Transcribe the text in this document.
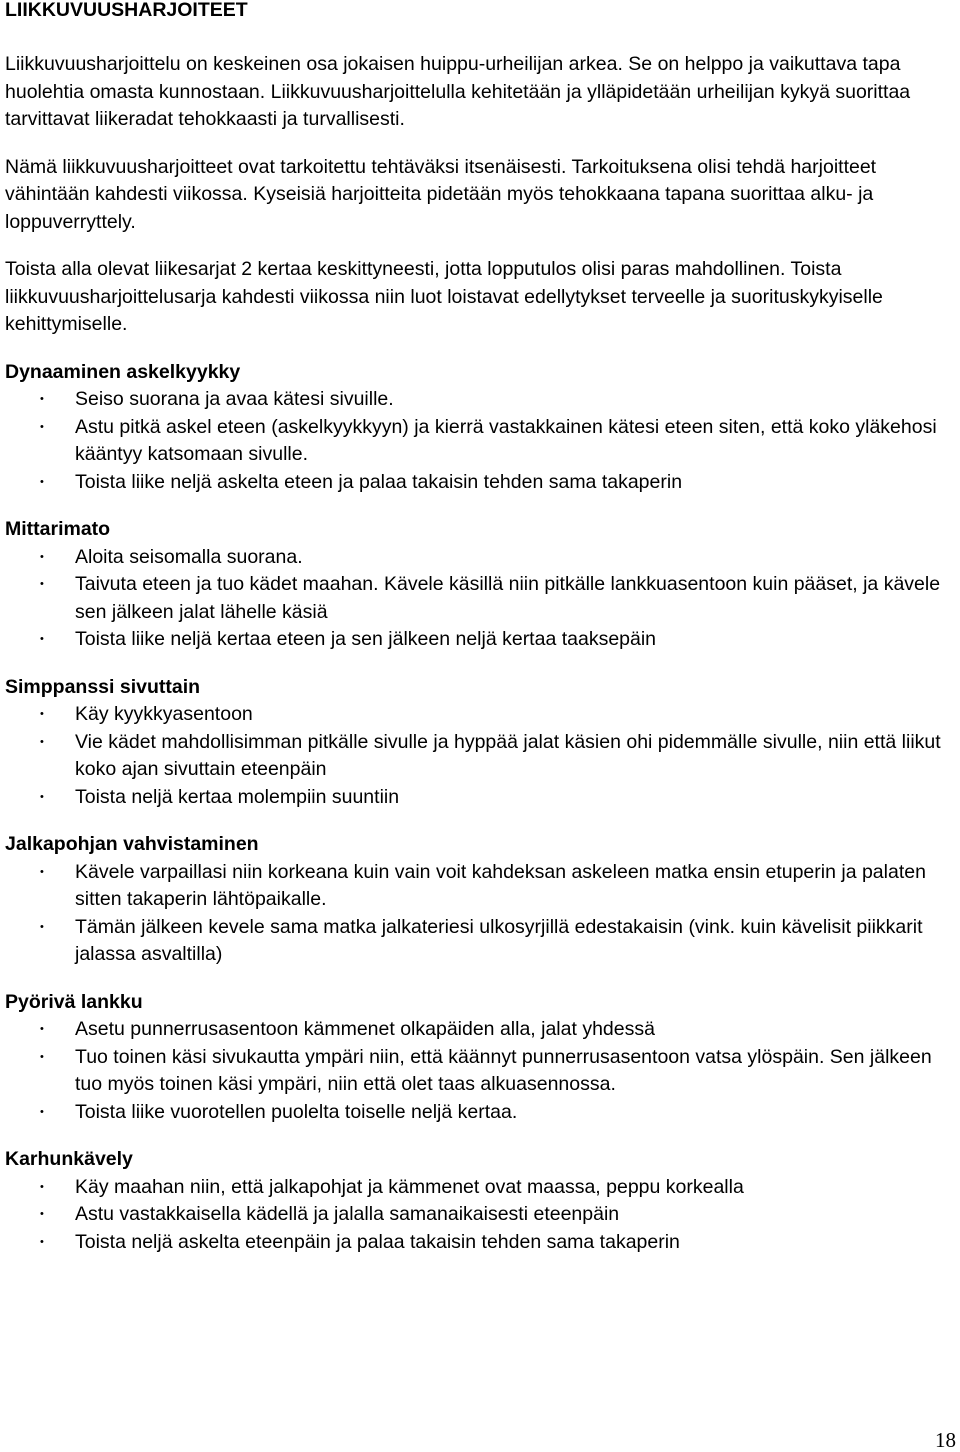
LIIKKUVUUSHARJOITEET

Liikkuvuusharjoittelu on keskeinen osa jokaisen huippu-urheilijan arkea. Se on helppo ja vaikuttava tapa huolehtia omasta kunnostaan. Liikkuvuusharjoittelulla kehitetään ja ylläpidetään urheilijan kykyä suorittaa tarvittavat liikeradat tehokkaasti ja turvallisesti.

Nämä liikkuvuusharjoitteet ovat tarkoitettu tehtäväksi itsenäisesti. Tarkoituksena olisi tehdä harjoitteet vähintään kahdesti viikossa. Kyseisiä harjoitteita pidetään myös tehokkaana tapana suorittaa alku- ja loppuverryttely.

Toista alla olevat liikesarjat 2 kertaa keskittyneesti, jotta lopputulos olisi paras mahdollinen. Toista liikkuvuusharjoittelusarja kahdesti viikossa niin luot loistavat edellytykset terveelle ja suorituskykyiselle kehittymiselle.

Dynaaminen askelkyykky
• Seiso suorana ja avaa kätesi sivuille.
• Astu pitkä askel eteen (askelkyykkyyn) ja kierrä vastakkainen kätesi eteen siten, että koko yläkehosi kääntyy katsomaan sivulle.
• Toista liike neljä askelta eteen ja palaa takaisin tehden sama takaperin
Mittarimato
• Aloita seisomalla suorana.
• Taivuta eteen ja tuo kädet maahan. Kävele käsillä niin pitkälle lankkuasentoon kuin pääset, ja kävele sen jälkeen jalat lähelle käsiä
• Toista liike neljä kertaa eteen ja sen jälkeen neljä kertaa taaksepäin
Simppanssi sivuttain
• Käy kyykkyasentoon
• Vie kädet mahdollisimman pitkälle sivulle ja hyppää jalat käsien ohi pidemmälle sivulle, niin että liikut koko ajan sivuttain eteenpäin
• Toista neljä kertaa molempiin suuntiin
Jalkapohjan vahvistaminen
• Kävele varpaillasi niin korkeana kuin vain voit kahdeksan askeleen matka ensin etuperin ja palaten sitten takaperin lähtöpaikalle.
• Tämän jälkeen kevele sama matka jalkateriesi ulkosyrjillä edestakaisin (vink. kuin kävelisit piikkarit jalassa asvaltilla)
Pyörivä lankku
• Asetu punnerrusasentoon kämmenet olkapäiden alla, jalat yhdessä
• Tuo toinen käsi sivukautta ympäri niin, että käännyt punnerrusasentoon vatsa ylöspäin. Sen jälkeen tuo myös toinen käsi ympäri, niin että olet taas alkuasennossa.
• Toista liike vuorotellen puolelta toiselle neljä kertaa.
Karhunkävely
• Käy maahan niin, että jalkapohjat ja kämmenet ovat maassa, peppu korkealla
• Astu vastakkaisella kädellä ja jalalla samanaikaisesti eteenpäin
• Toista neljä askelta eteenpäin ja palaa takaisin tehden sama takaperin
18
